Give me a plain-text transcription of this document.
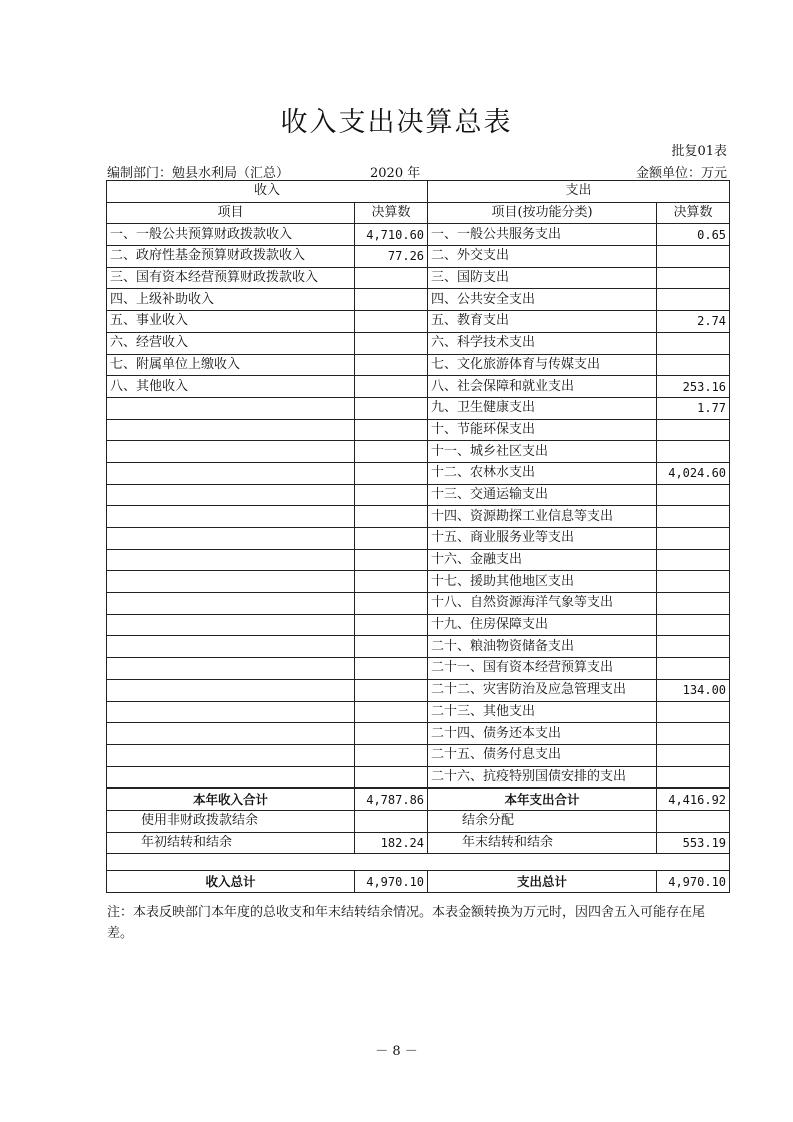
收入支出决算总表
批复01表
编制部门：勉县水利局（汇总）	2020 年	金额单位：万元
收入		支出	
项目	决算数	项目(按功能分类)	决算数
一、一般公共预算财政拨款收入	4,710.60	一、一般公共服务支出	0.65
二、政府性基金预算财政拨款收入	77.26	二、外交支出	
三、国有资本经营预算财政拨款收入		三、国防支出	
四、上级补助收入		四、公共安全支出	
五、事业收入		五、教育支出	2.74
六、经营收入		六、科学技术支出	
七、附属单位上缴收入		七、文化旅游体育与传媒支出	
八、其他收入		八、社会保障和就业支出	253.16
		九、卫生健康支出	1.77
		十、节能环保支出	
		十一、城乡社区支出	
		十二、农林水支出	4,024.60
		十三、交通运输支出	
		十四、资源勘探工业信息等支出	
		十五、商业服务业等支出	
		十六、金融支出	
		十七、援助其他地区支出	
		十八、自然资源海洋气象等支出	
		十九、住房保障支出	
		二十、粮油物资储备支出	
		二十一、国有资本经营预算支出	
		二十二、灾害防治及应急管理支出	134.00
		二十三、其他支出	
		二十四、债务还本支出	
		二十五、债务付息支出	
		二十六、抗疫特别国债安排的支出	
本年收入合计	4,787.86	本年支出合计	4,416.92
使用非财政拨款结余		结余分配	
年初结转和结余	182.24	年末结转和结余	553.19

收入总计	4,970.10	支出总计	4,970.10
注：本表反映部门本年度的总收支和年末结转结余情况。本表金额转换为万元时，因四舍五入可能存在尾差。
－ 8 －
